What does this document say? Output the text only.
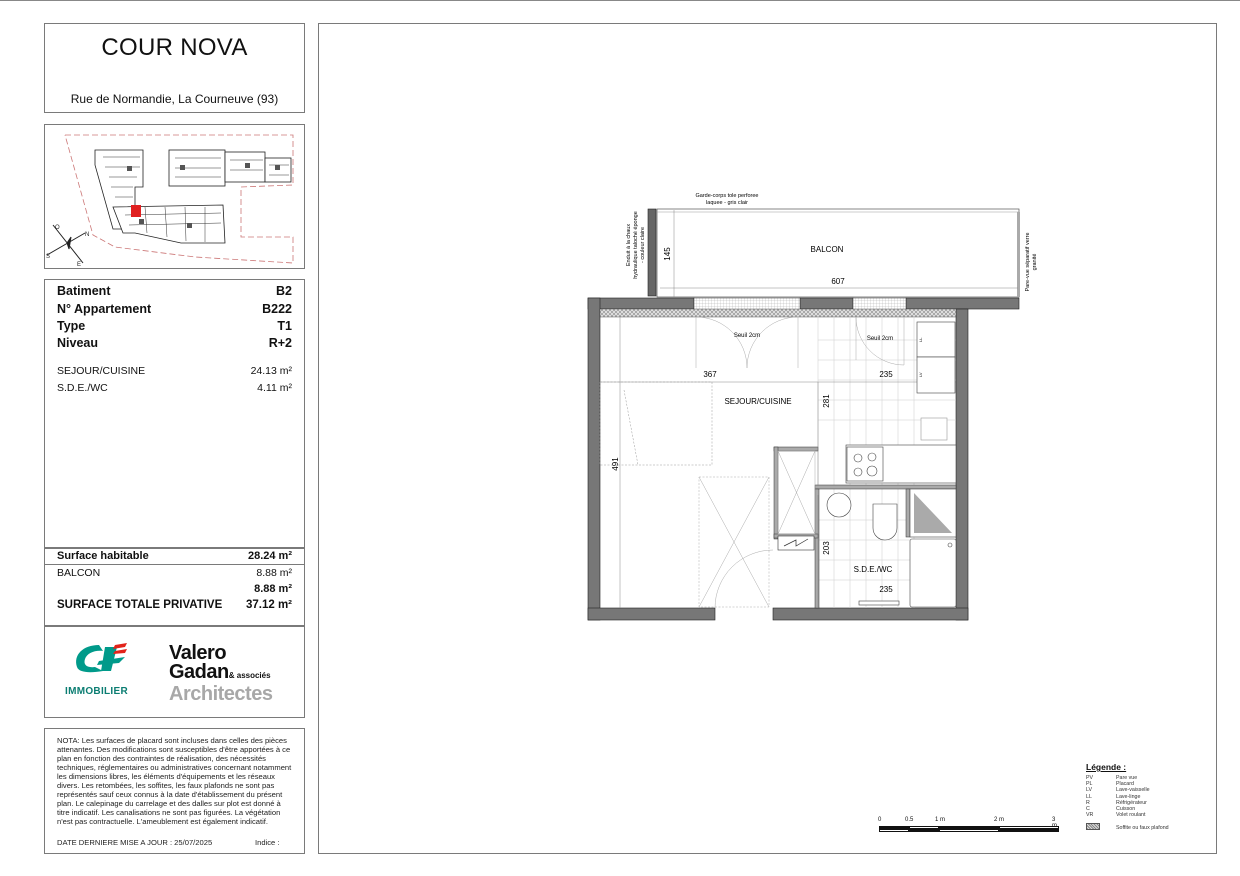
COUR NOVA
Rue de Normandie, La Courneuve (93)
O
N
S
E
Batiment	B2
N° Appartement	B222
Type	T1
Niveau	R+2
SEJOUR/CUISINE	24.13 m²
S.D.E./WC	4.11 m²
Surface habitable	28.24 m²
BALCON	8.88 m²
8.88 m²
SURFACE TOTALE PRIVATIVE 37.12 m²
IMMOBILIER
Valero
Gadan& associés
Architectes
NOTA: Les surfaces de placard sont incluses dans celles des pièces attenantes. Des modifications sont susceptibles d'être apportées à ce plan en fonction des contraintes de réalisation, des nécessités techniques, réglementaires ou administratives concernant notamment les dimensions libres, les éléments d'équipements et les réseaux divers. Les retombées, les soffites, les faux plafonds ne sont pas représentés sauf ceux connus à la date d'établissement du présent plan. Le calepinage du carrelage et des dalles sur plot est donné à titre indicatif. Les canalisations ne sont pas figurées. La végétation n'est pas contractuelle. L'ameublement est également indicatif.
DATE DERNIERE MISE A JOUR : 25/07/2025	Indice :
BALCON
607
145
Garde-corps tole perforee
laquee - gris clair
Enduit à la chaux hydraulique taloché éponge - couleur claire	Pare-vue séparatif verre granité
Seuil 2cm	Seuil 2cm
367	235
281
491
203
235
SEJOUR/CUISINE
S.D.E./WC
LL
LV
0	0.5	1 m	2 m	3 m
Légende :
PV	Pare vue
PL	Placard
LV	Lave-vaisselle
LL	Lave-linge
R	Réfrigérateur
C	Cuisson
VR	Volet roulant
Soffite ou faux plafond
